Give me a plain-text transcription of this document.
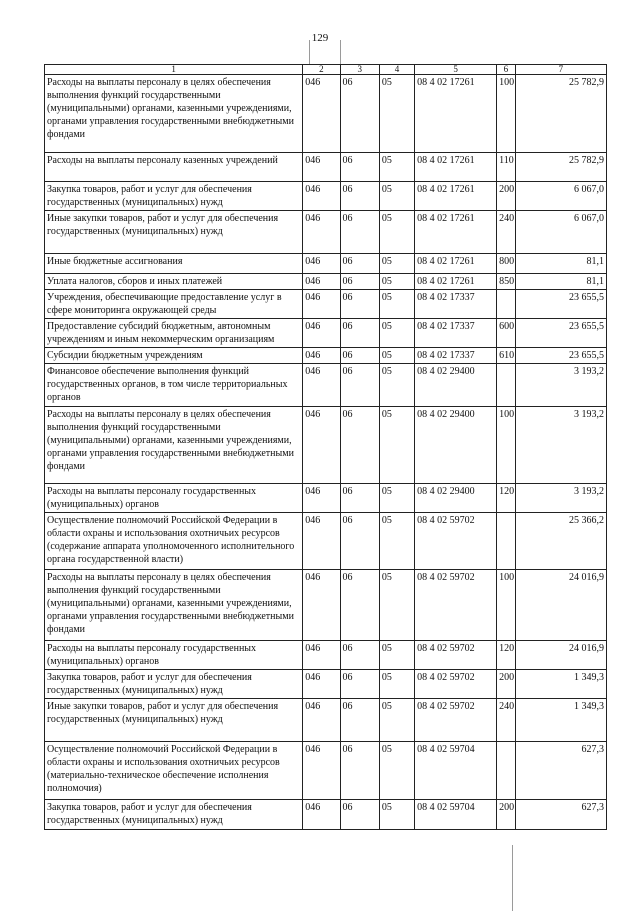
129
1	2	3	4	5	6	7
Расходы на выплаты персоналу в целях обеспечения выполнения функций государственными (муниципальными) органами, казенными учреждениями, органами управления государственными внебюджетными фондами	046	06	05	08 4 02 17261	100	25 782,9
Расходы на выплаты персоналу казенных учреждений	046	06	05	08 4 02 17261	110	25 782,9
Закупка товаров, работ и услуг для обеспечения государственных (муниципальных) нужд	046	06	05	08 4 02 17261	200	6 067,0
Иные закупки товаров, работ и услуг для обеспечения государственных (муниципальных) нужд	046	06	05	08 4 02 17261	240	6 067,0
Иные бюджетные ассигнования	046	06	05	08 4 02 17261	800	81,1
Уплата налогов, сборов и иных платежей	046	06	05	08 4 02 17261	850	81,1
Учреждения, обеспечивающие предоставление услуг в сфере мониторинга окружающей среды	046	06	05	08 4 02 17337		23 655,5
Предоставление субсидий бюджетным, автономным учреждениям и иным некоммерческим организациям	046	06	05	08 4 02 17337	600	23 655,5
Субсидии бюджетным учреждениям	046	06	05	08 4 02 17337	610	23 655,5
Финансовое обеспечение выполнения функций государственных органов, в том числе территориальных органов	046	06	05	08 4 02 29400		3 193,2
Расходы на выплаты персоналу в целях обеспечения выполнения функций государственными (муниципальными) органами, казенными учреждениями, органами управления государственными внебюджетными фондами	046	06	05	08 4 02 29400	100	3 193,2
Расходы на выплаты персоналу государственных (муниципальных) органов	046	06	05	08 4 02 29400	120	3 193,2
Осуществление полномочий Российской Федерации в области охраны и использования охотничьих ресурсов (содержание аппарата уполномоченного исполнительного органа государственной власти)	046	06	05	08 4 02 59702		25 366,2
Расходы на выплаты персоналу в целях обеспечения выполнения функций государственными (муниципальными) органами, казенными учреждениями, органами управления государственными внебюджетными фондами	046	06	05	08 4 02 59702	100	24 016,9
Расходы на выплаты персоналу государственных (муниципальных) органов	046	06	05	08 4 02 59702	120	24 016,9
Закупка товаров, работ и услуг для обеспечения государственных (муниципальных) нужд	046	06	05	08 4 02 59702	200	1 349,3
Иные закупки товаров, работ и услуг для обеспечения государственных (муниципальных) нужд	046	06	05	08 4 02 59702	240	1 349,3
Осуществление полномочий Российской Федерации в области охраны и использования охотничьих ресурсов (материально-техническое обеспечение исполнения полномочия)	046	06	05	08 4 02 59704		627,3
Закупка товаров, работ и услуг для обеспечения государственных (муниципальных) нужд	046	06	05	08 4 02 59704	200	627,3
